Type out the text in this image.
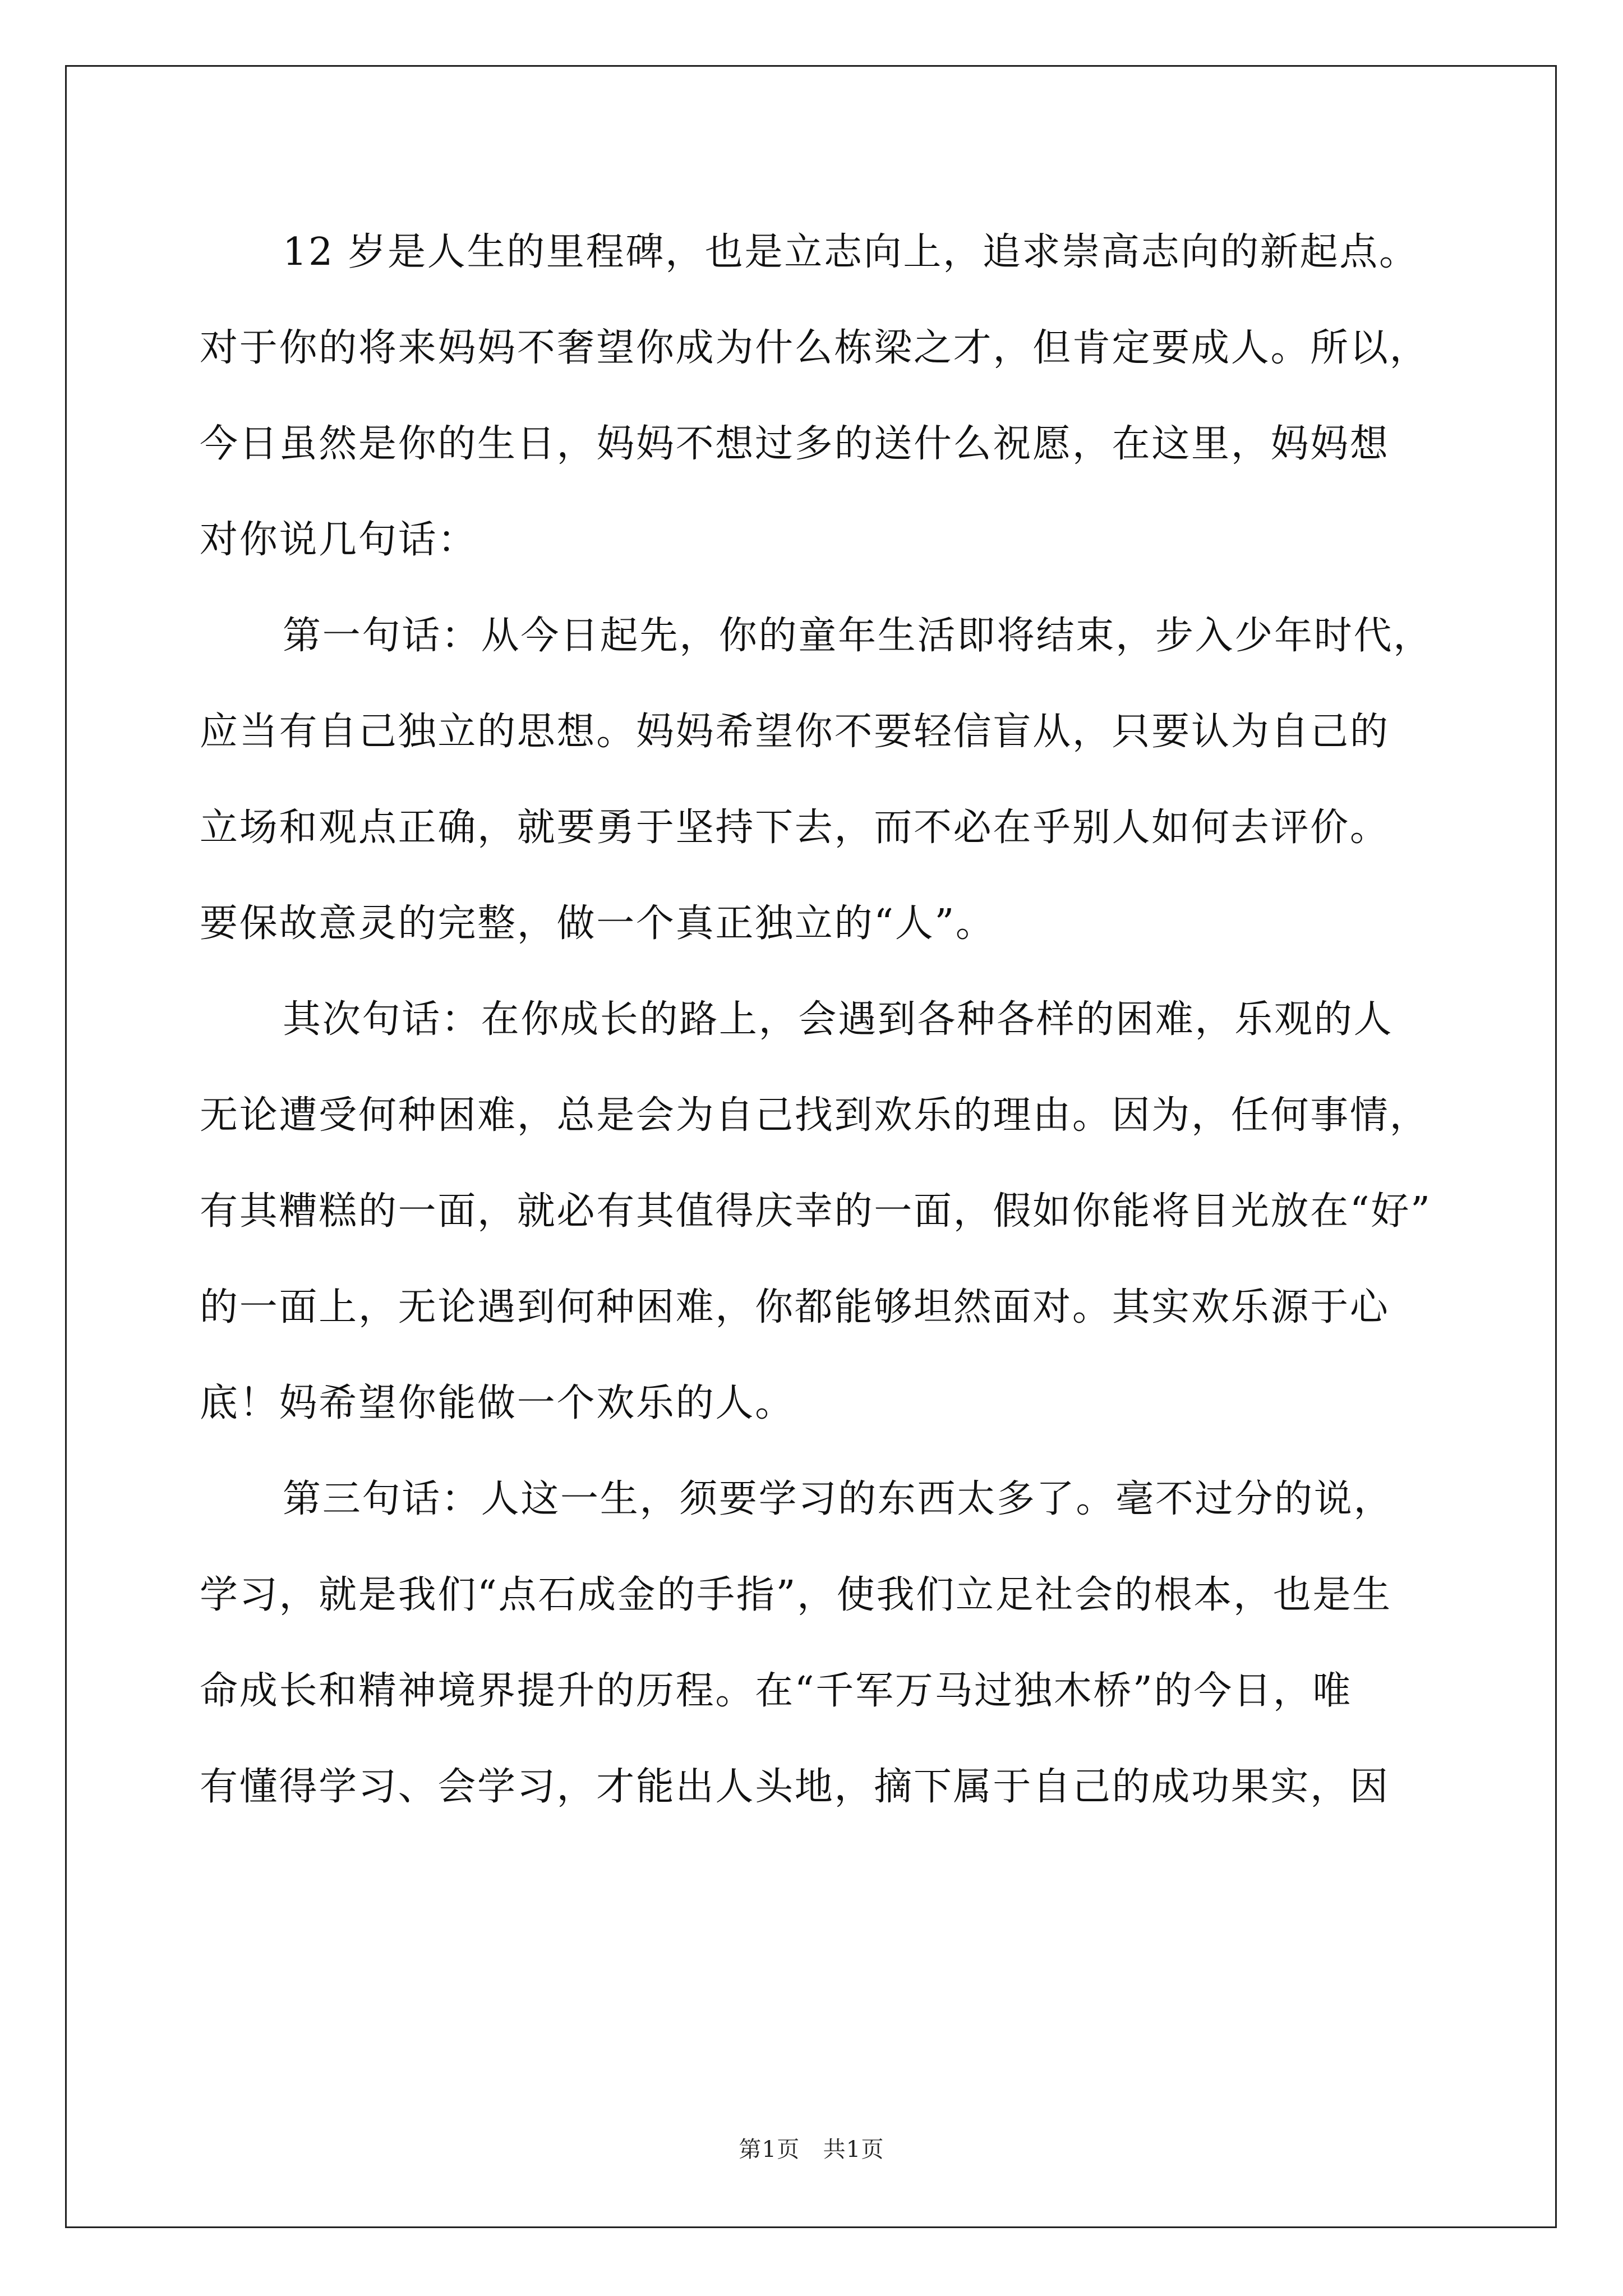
12 岁是人生的里程碑，也是立志向上，追求崇高志向的新起点。
对于你的将来妈妈不奢望你成为什么栋梁之才，但肯定要成人。所以，
今日虽然是你的生日，妈妈不想过多的送什么祝愿，在这里，妈妈想
对你说几句话：
第一句话：从今日起先，你的童年生活即将结束，步入少年时代，
应当有自己独立的思想。妈妈希望你不要轻信盲从，只要认为自己的
立场和观点正确，就要勇于坚持下去，而不必在乎别人如何去评价。
要保故意灵的完整，做一个真正独立的“人”。
其次句话：在你成长的路上，会遇到各种各样的困难，乐观的人
无论遭受何种困难，总是会为自己找到欢乐的理由。因为，任何事情，
有其糟糕的一面，就必有其值得庆幸的一面，假如你能将目光放在“好”
的一面上，无论遇到何种困难，你都能够坦然面对。其实欢乐源于心
底！妈希望你能做一个欢乐的人。
第三句话：人这一生，须要学习的东西太多了。毫不过分的说，
学习，就是我们“点石成金的手指”，使我们立足社会的根本，也是生
命成长和精神境界提升的历程。在“千军万马过独木桥”的今日，唯
有懂得学习、会学习，才能出人头地，摘下属于自己的成功果实，因
第1页　共1页
